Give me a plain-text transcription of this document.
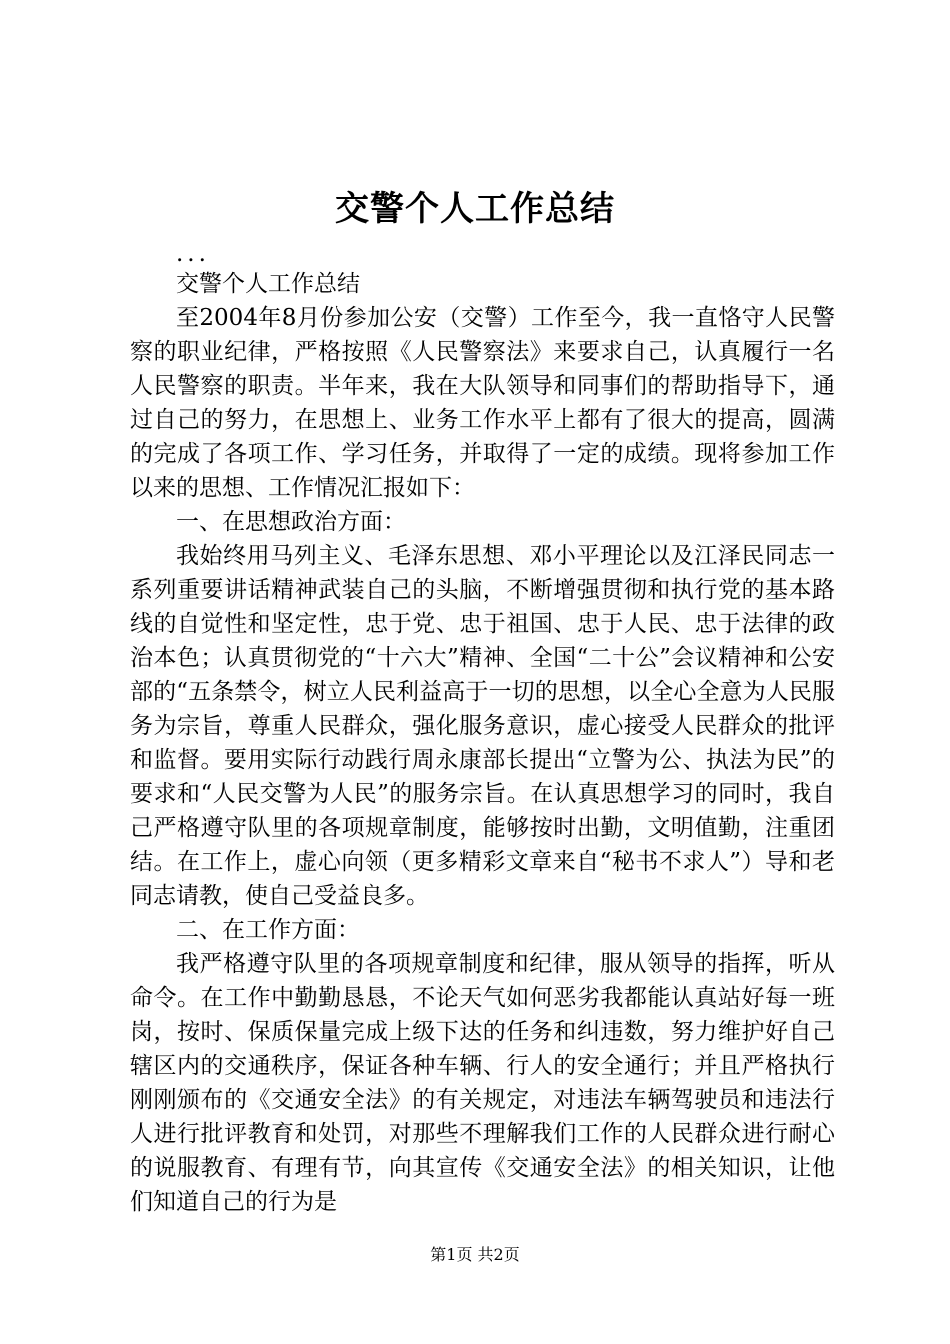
交警个人工作总结

...

交警个人工作总结

至2004年8月份参加公安（交警）工作至今，我一直恪守人民警察的职业纪律，严格按照《人民警察法》来要求自己，认真履行一名人民警察的职责。半年来，我在大队领导和同事们的帮助指导下，通过自己的努力，在思想上、业务工作水平上都有了很大的提高，圆满的完成了各项工作、学习任务，并取得了一定的成绩。现将参加工作以来的思想、工作情况汇报如下：

一、在思想政治方面：

我始终用马列主义、毛泽东思想、邓小平理论以及江泽民同志一系列重要讲话精神武装自己的头脑，不断增强贯彻和执行党的基本路线的自觉性和坚定性，忠于党、忠于祖国、忠于人民、忠于法律的政治本色；认真贯彻党的“十六大”精神、全国“二十公”会议精神和公安部的“五条禁令，树立人民利益高于一切的思想，以全心全意为人民服务为宗旨，尊重人民群众，强化服务意识，虚心接受人民群众的批评和监督。要用实际行动践行周永康部长提出“立警为公、执法为民”的要求和“人民交警为人民”的服务宗旨。在认真思想学习的同时，我自己严格遵守队里的各项规章制度，能够按时出勤，文明值勤，注重团结。在工作上，虚心向领（更多精彩文章来自“秘书不求人”）导和老同志请教，使自己受益良多。

二、在工作方面：

我严格遵守队里的各项规章制度和纪律，服从领导的指挥，听从命令。在工作中勤勤恳恳，不论天气如何恶劣我都能认真站好每一班岗，按时、保质保量完成上级下达的任务和纠违数，努力维护好自己辖区内的交通秩序，保证各种车辆、行人的安全通行；并且严格执行刚刚颁布的《交通安全法》的有关规定，对违法车辆驾驶员和违法行人进行批评教育和处罚，对那些不理解我们工作的人民群众进行耐心的说服教育、有理有节，向其宣传《交通安全法》的相关知识，让他们知道自己的行为是

第1页 共2页
